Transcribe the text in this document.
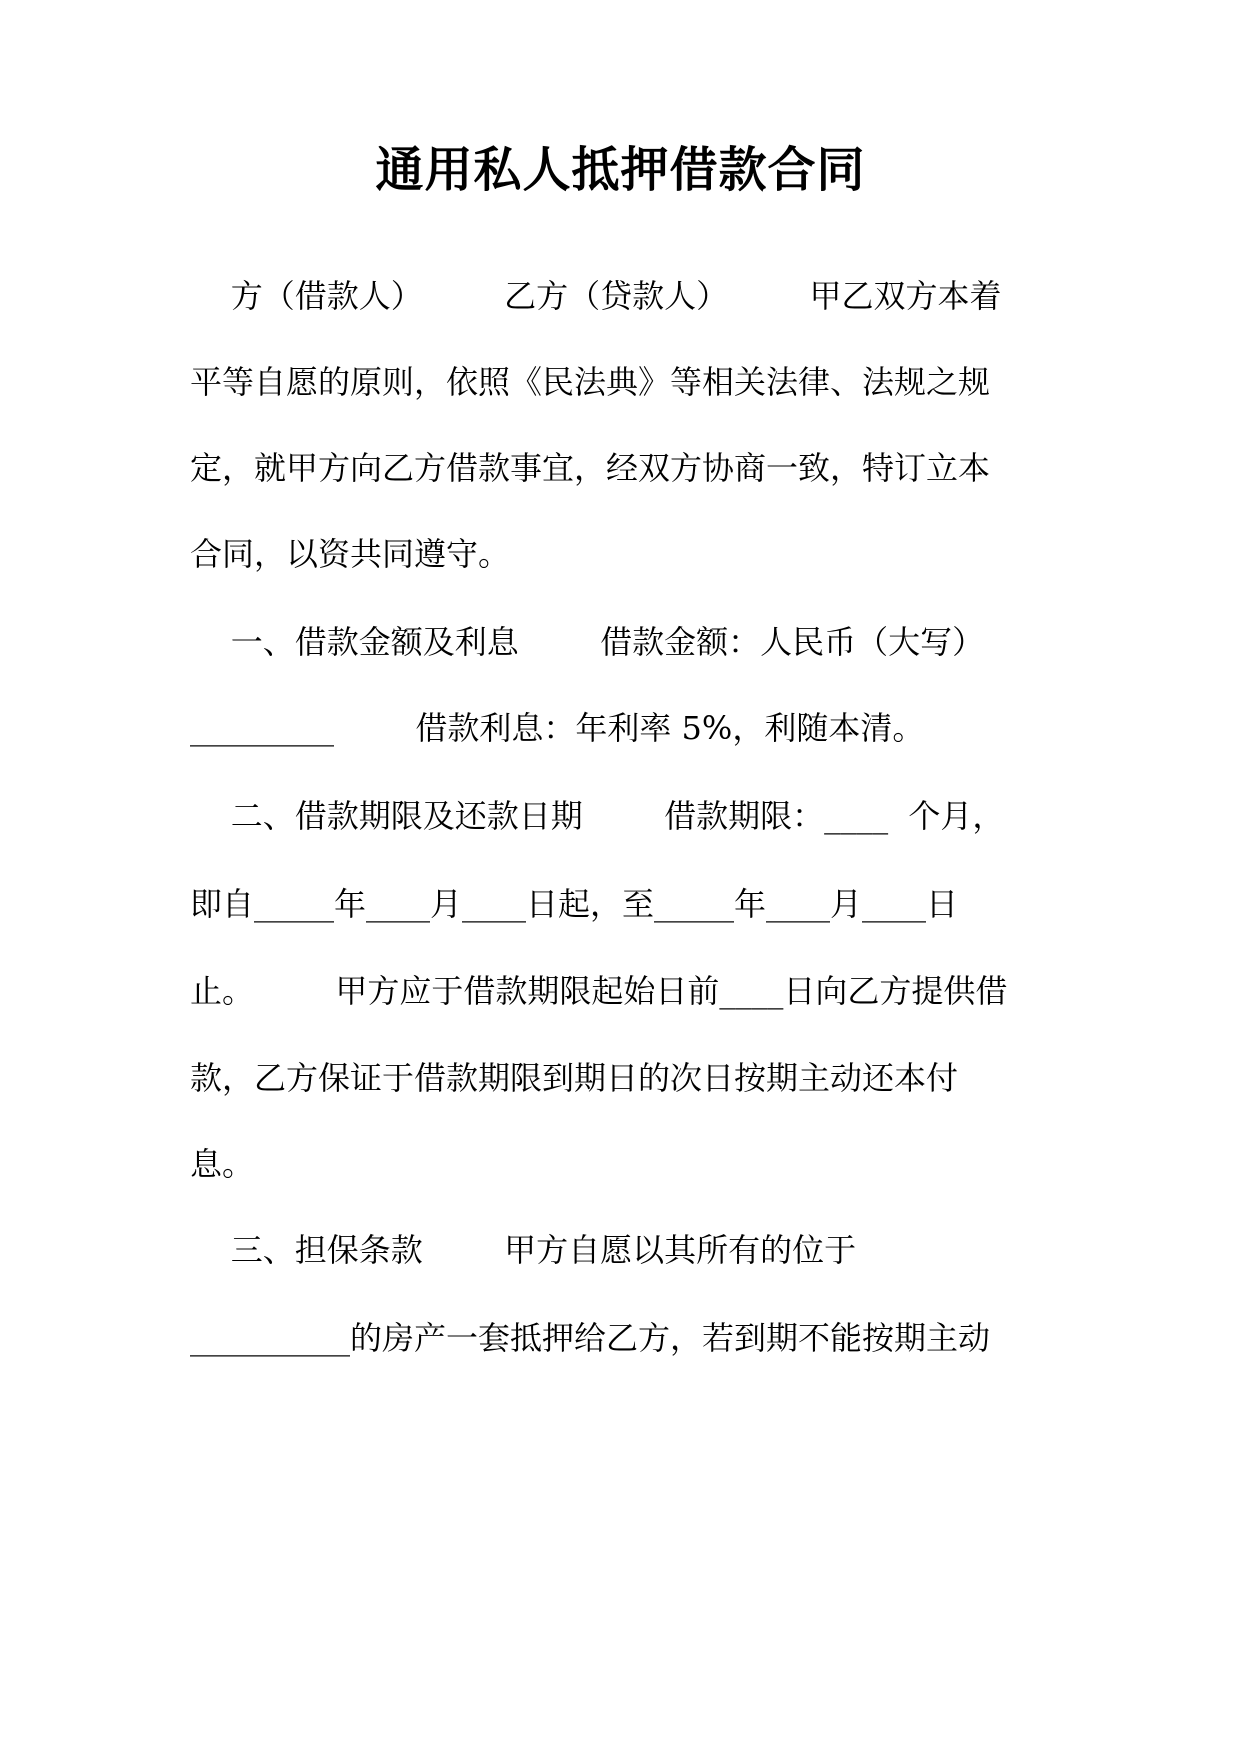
通用私人抵押借款合同

方（借款人）        乙方（贷款人）        甲乙双方本着

平等自愿的原则，依照《民法典》等相关法律、法规之规

定，就甲方向乙方借款事宜，经双方协商一致，特订立本

合同，以资共同遵守。

一、借款金额及利息        借款金额：人民币（大写）

_________        借款利息：年利率 5%，利随本清。

二、借款期限及还款日期        借款期限：____  个月，

即自_____年____月____日起，至_____年____月____日

止。        甲方应于借款期限起始日前____日向乙方提供借

款，乙方保证于借款期限到期日的次日按期主动还本付

息。

三、担保条款        甲方自愿以其所有的位于

__________的房产一套抵押给乙方，若到期不能按期主动
